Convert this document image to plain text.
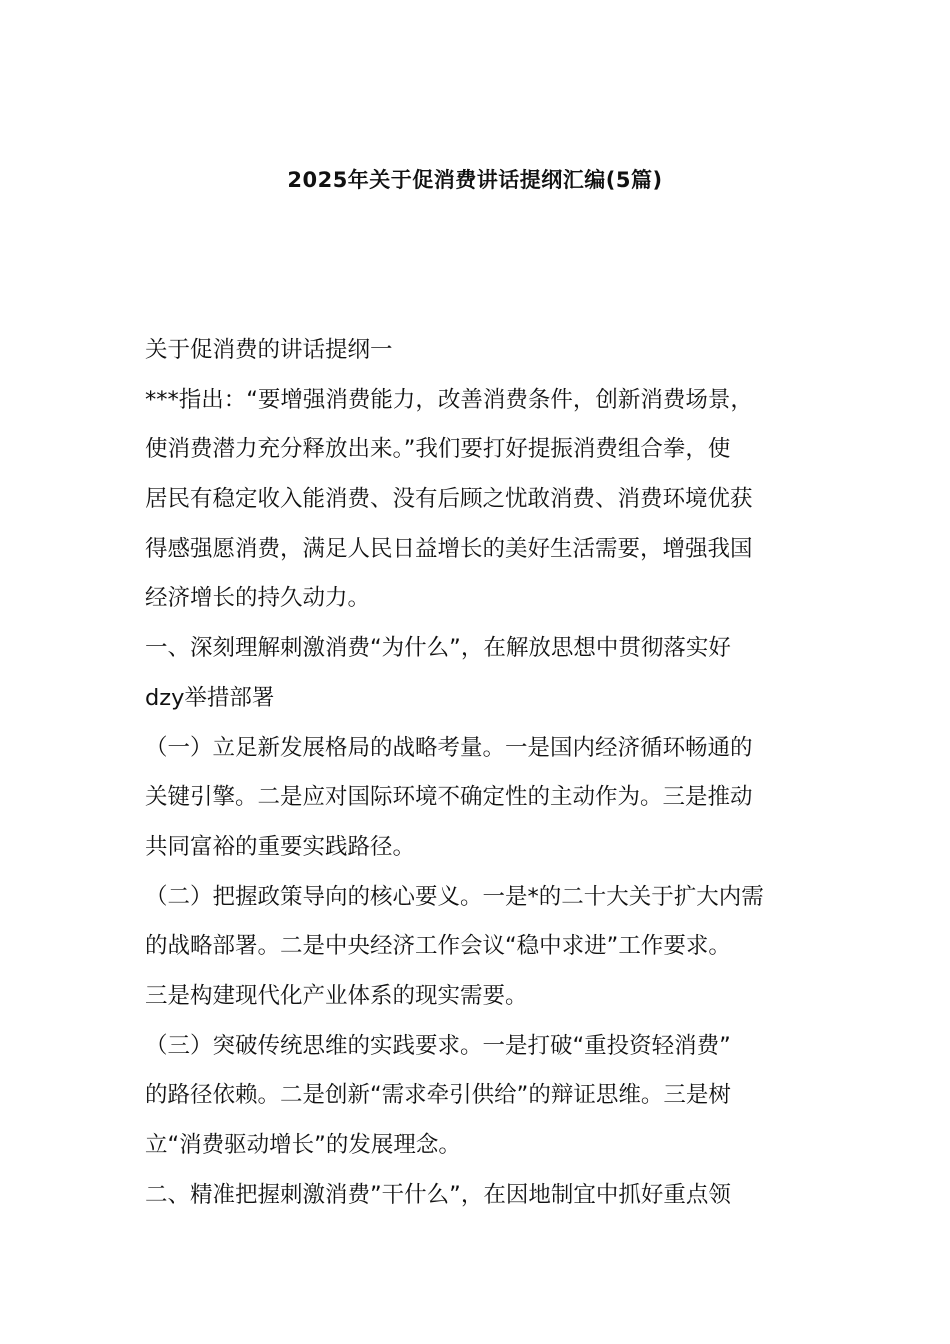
2025年关于促消费讲话提纲汇编(5篇)
关于促消费的讲话提纲一
***指出：“要增强消费能力，改善消费条件，创新消费场景，
使消费潜力充分释放出来。”我们要打好提振消费组合拳，使
居民有稳定收入能消费、没有后顾之忧敢消费、消费环境优获
得感强愿消费，满足人民日益增长的美好生活需要，增强我国
经济增长的持久动力。
一、深刻理解刺激消费“为什么”，在解放思想中贯彻落实好
dzy举措部署
（一）立足新发展格局的战略考量。一是国内经济循环畅通的
关键引擎。二是应对国际环境不确定性的主动作为。三是推动
共同富裕的重要实践路径。
（二）把握政策导向的核心要义。一是*的二十大关于扩大内需
的战略部署。二是中央经济工作会议“稳中求进”工作要求。
三是构建现代化产业体系的现实需要。
（三）突破传统思维的实践要求。一是打破“重投资轻消费”
的路径依赖。二是创新“需求牵引供给”的辩证思维。三是树
立“消费驱动增长”的发展理念。
二、精准把握刺激消费”干什么”，在因地制宜中抓好重点领
